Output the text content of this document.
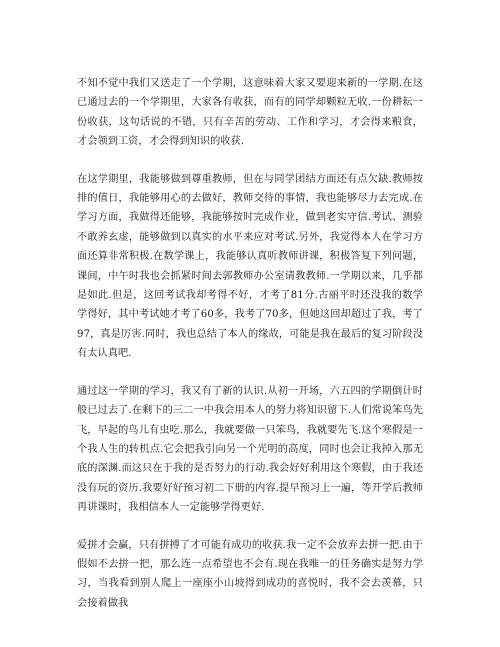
不知不觉中我们又送走了一个学期，这意味着大家又要迎来新的一学期.在这已通过去的一个学期里，大家各有收获，而有的同学却颗粒无收.一份耕耘一份收获，这句话说的不错，只有辛苦的劳动、工作和学习，才会得来粮食，才会领到工资，才会得到知识的收获.

在这学期里，我能够做到尊重教师，但在与同学团结方面还有点欠缺.教师按排的值日，我能够用心的去做好，教师交待的事情，我也能够尽力去完成.在学习方面，我做得还能够，我能够按时完成作业，做到老实守信.考试、测验不敢养玄虚，能够做到以真实的水平来应对考试.另外，我觉得本人在学习方面还算非常积极.在数学课上，我能够认真听教师讲课，积极答复下列问题，课间，中午时我也会抓紧时间去郭教师办公室请教教师.一学期以来，几乎都是如此.但是，这回考试我却考得不好，才考了81分.古丽平时还没我的数学学得好，其中考试她才考了60多，我考了70多，但她这回却超过了我，考了97，真是厉害.同时，我也总结了本人的缘故，可能是我在最后的复习阶段没有太认真吧.

通过这一学期的学习，我又有了新的认识.从初一开场，六五四的学期倒计时般已过去了.在剩下的三二一中我会用本人的努力将知识留下.人们常说笨鸟先飞，早起的鸟儿有虫吃.那么，我就要做一只笨鸟，我就要先飞.这个寒假是一个我人生的转机点.它会把我引向另一个光明的高度，同时也会让我掉入那无底的深渊.而这只在于我的是否努力的行动.我会好好利用这个寒假，由于我还没有玩的资历.我要好好预习初二下册的内容.提早预习上一遍，等开学后教师再讲课时，我相信本人一定能够学得更好.

爱拼才会赢，只有拼搏了才可能有成功的收获.我一定不会放弃去拼一把.由于假如不去拼一把，那么连一点希望也不会有.现在我唯一的任务确实是努力学习，当我看到别人爬上一座座小山坡得到成功的喜悦时，我不会去羡慕，只会接着做我
